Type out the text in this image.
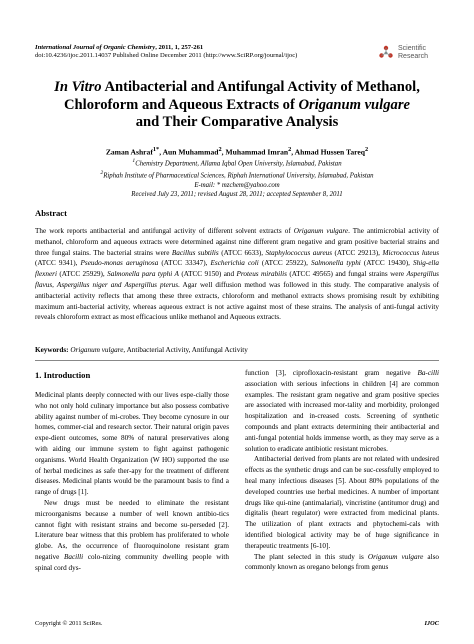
International Journal of Organic Chemistry, 2011, 1, 257-261
doi:10.4236/ijoc.2011.14037 Published Online December 2011 (http://www.SciRP.org/journal/ijoc)
Scientific
Research
In Vitro Antibacterial and Antifungal Activity of Methanol,
Chloroform and Aqueous Extracts of Origanum vulgare
and Their Comparative Analysis
Zaman Ashraf$^{1*}$, Aun Muhammad$^2$, Muhammad Imran$^2$, Ahmad Hussen Tareq$^2$
$^1$Chemistry Department, Allama Iqbal Open University, Islamabad, Pakistan
$^2$Riphah Institute of Pharmaceutical Sciences, Riphah International University, Islamabad, Pakistan
E-mail: * mzchem@yahoo.com
Received July 23, 2011; revised August 28, 2011; accepted September 8, 2011
Abstract
The work reports antibacterial and antifungal activity of different solvent extracts of Origanum vulgare. The antimicrobial activity of methanol, chloroform and aqueous extracts were determined against nine different gram negative and gram positive bacterial strains and three fungal stains. The bacterial strains were Bacillus subtilis (ATCC 6633), Staphylococcus aureus (ATCC 29213), Micrococcus luteus (ATCC 9341), Pseudo-monas aeruginosa (ATCC 33347), Escherichia coli (ATCC 25922), Salmonella typhi (ATCC 19430), Shig-ella flexneri (ATCC 25929), Salmonella para typhi A (ATCC 9150) and Proteus mirabilis (ATCC 49565) and fungal strains were Aspergillus flavus, Aspergillus niger and Aspergillus pterus. Agar well diffusion method was followed in this study. The comparative analysis of antibacterial activity reflects that among these three extracts, chloroform and methanol extracts shows promising result by exhibiting maximum anti-bacterial activity, whereas aqueous extract is not active against most of these strains. The analysis of anti-fungal activity reveals chloroform extract as most efficacious unlike methanol and Aqueous extracts.
Keywords: Origanum vulgare, Antibacterial Activity, Antifungal Activity
1. Introduction

Medicinal plants deeply connected with our lives espe-cially those who not only hold culinary importance but also possess combative ability against number of mi-crobes. They become cynosure in our homes, commer-cial and research sector. Their natural origin paves expe-dient outcomes, some 80% of natural preservatives along with aiding our immune system to fight against pathogenic organisms. World Health Organization (W HO) supported the use of herbal medicines as safe ther-apy for the treatment of different diseases. Medicinal plants would be the paramount basis to find a range of drugs [1].

New drugs must be needed to eliminate the resistant microorganisms because a number of well known antibio-tics cannot fight with resistant strains and become su-perseded [2]. Literature bear witness that this problem has proliferated to whole globe. As, the occurrence of fluoroquinolone resistant gram negative Bacilli colo-nizing community dwelling people with spinal cord dys-

function [3], ciprofloxacin-resistant gram negative Ba-cilli association with serious infections in children [4] are common examples. The resistant gram negative and gram positive species are associated with increased mor-tality and morbidity, prolonged hospitalization and in-creased costs. Screening of synthetic compounds and plant extracts determining their antibacterial and anti-fungal potential holds immense worth, as they may serve as a solution to eradicate antibiotic resistant microbes.

Antibacterial derived from plants are not related with undesired effects as the synthetic drugs and can be suc-cessfully employed to heal many infectious diseases [5]. About 80% populations of the developed countries use herbal medicines. A number of important drugs like qui-nine (antimalarial), vincristine (antitumor drug) and digitalis (heart regulator) were extracted from medicinal plants. The utilization of plant extracts and phytochemi-cals with identified biological activity may be of huge significance in therapeutic treatments [6-10].

The plant selected in this study is Origanum vulgare also commonly known as oregano belongs from genus

Copyright © 2011 SciRes.	IJOC
